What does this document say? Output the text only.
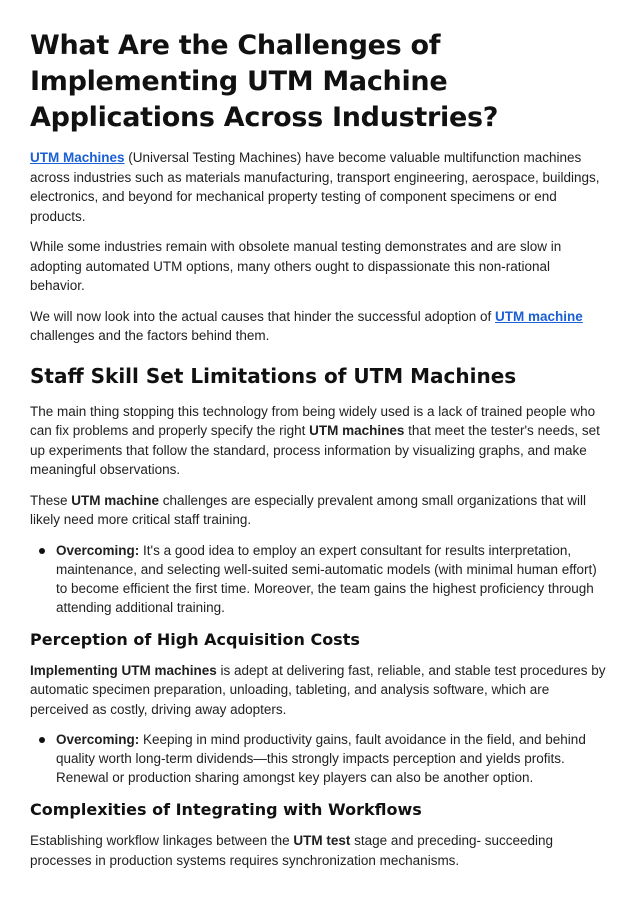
What Are the Challenges of Implementing UTM Machine Applications Across Industries?

UTM Machines (Universal Testing Machines) have become valuable multifunction machines across industries such as materials manufacturing, transport engineering, aerospace, buildings, electronics, and beyond for mechanical property testing of component specimens or end products.

While some industries remain with obsolete manual testing demonstrates and are slow in adopting automated UTM options, many others ought to dispassionate this non-rational behavior.

We will now look into the actual causes that hinder the successful adoption of UTM machine challenges and the factors behind them.

Staff Skill Set Limitations of UTM Machines

The main thing stopping this technology from being widely used is a lack of trained people who can fix problems and properly specify the right UTM machines that meet the tester's needs, set up experiments that follow the standard, process information by visualizing graphs, and make meaningful observations.

These UTM machine challenges are especially prevalent among small organizations that will likely need more critical staff training.

Overcoming: It's a good idea to employ an expert consultant for results interpretation, maintenance, and selecting well-suited semi-automatic models (with minimal human effort) to become efficient the first time. Moreover, the team gains the highest proficiency through attending additional training.
Perception of High Acquisition Costs

Implementing UTM machines is adept at delivering fast, reliable, and stable test procedures by automatic specimen preparation, unloading, tableting, and analysis software, which are perceived as costly, driving away adopters.

Overcoming: Keeping in mind productivity gains, fault avoidance in the field, and behind quality worth long-term dividends—this strongly impacts perception and yields profits. Renewal or production sharing amongst key players can also be another option.
Complexities of Integrating with Workflows

Establishing workflow linkages between the UTM test stage and preceding- succeeding processes in production systems requires synchronization mechanisms.
